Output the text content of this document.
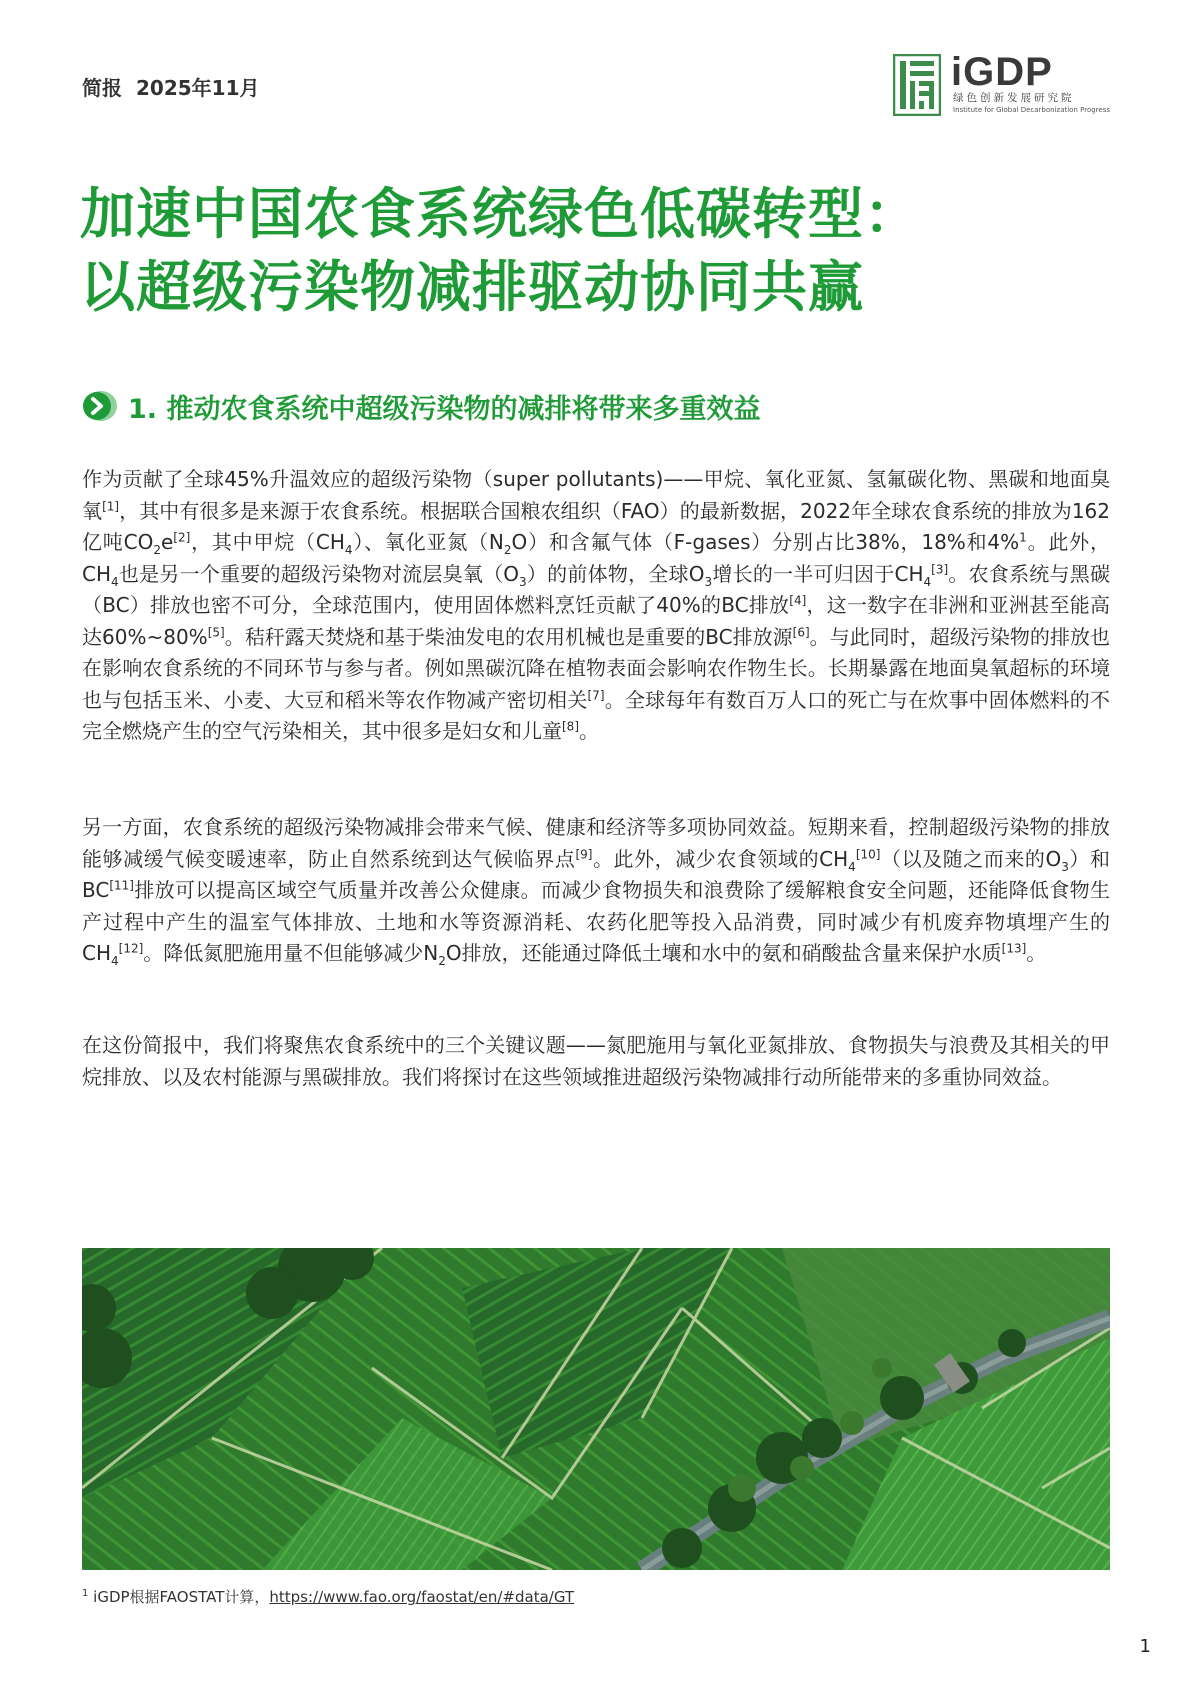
简报 2025年11月	iGDP
绿色创新发展研究院
Institute for Global Decarbonization Progress
加速中国农食系统绿色低碳转型：
以超级污染物减排驱动协同共赢
1. 推动农食系统中超级污染物的减排将带来多重效益
作为贡献了全球45%升温效应的超级污染物（super pollutants)——甲烷、氧化亚氮、氢氟碳化物、黑碳和地面臭氧[1]，其中有很多是来源于农食系统。根据联合国粮农组织（FAO）的最新数据，2022年全球农食系统的排放为162亿吨$CO_2e[2]$，其中甲烷$(CH_4)$、氧化亚氮$(N_2O)$和含氟气体（F-gases）分别占比38%，18%和4%$^1$。此外，$CH_4$也是另一个重要的超级污染物对流层臭氧$(O_3)$的前体物，全球$O_3$增长的一半可归因于$CH_4[3]$。农食系统与黑碳（BC）排放也密不可分，全球范围内，使用固体燃料烹饪贡献了40%的BC排放[4]，这一数字在非洲和亚洲甚至能高达60%~80%[5]。秸秆露天焚烧和基于柴油发电的农用机械也是重要的BC排放源[6]。与此同时，超级污染物的排放也在影响农食系统的不同环节与参与者。例如黑碳沉降在植物表面会影响农作物生长。长期暴露在地面臭氧超标的环境也与包括玉米、小麦、大豆和稻米等农作物减产密切相关[7]。全球每年有数百万人口的死亡与在炊事中固体燃料的不完全燃烧产生的空气污染相关，其中很多是妇女和儿童[8]。
另一方面，农食系统的超级污染物减排会带来气候、健康和经济等多项协同效益。短期来看，控制超级污染物的排放能够减缓气候变暖速率，防止自然系统到达气候临界点[9]。此外，减少农食领域的$CH_4[10]$（以及随之而来的$O_3$）和BC[11]排放可以提高区域空气质量并改善公众健康。而减少食物损失和浪费除了缓解粮食安全问题，还能降低食物生产过程中产生的温室气体排放、土地和水等资源消耗、农药化肥等投入品消费，同时减少有机废弃物填埋产生的$CH_4[12]$。降低氮肥施用量不但能够减少$N_2O$排放，还能通过降低土壤和水中的氨和硝酸盐含量来保护水质[13]。
在这份简报中，我们将聚焦农食系统中的三个关键议题——氮肥施用与氧化亚氮排放、食物损失与浪费及其相关的甲烷排放、以及农村能源与黑碳排放。我们将探讨在这些领域推进超级污染物减排行动所能带来的多重协同效益。
$^1$ iGDP根据FAOSTAT计算，https://www.fao.org/faostat/en/#data/GT
1
